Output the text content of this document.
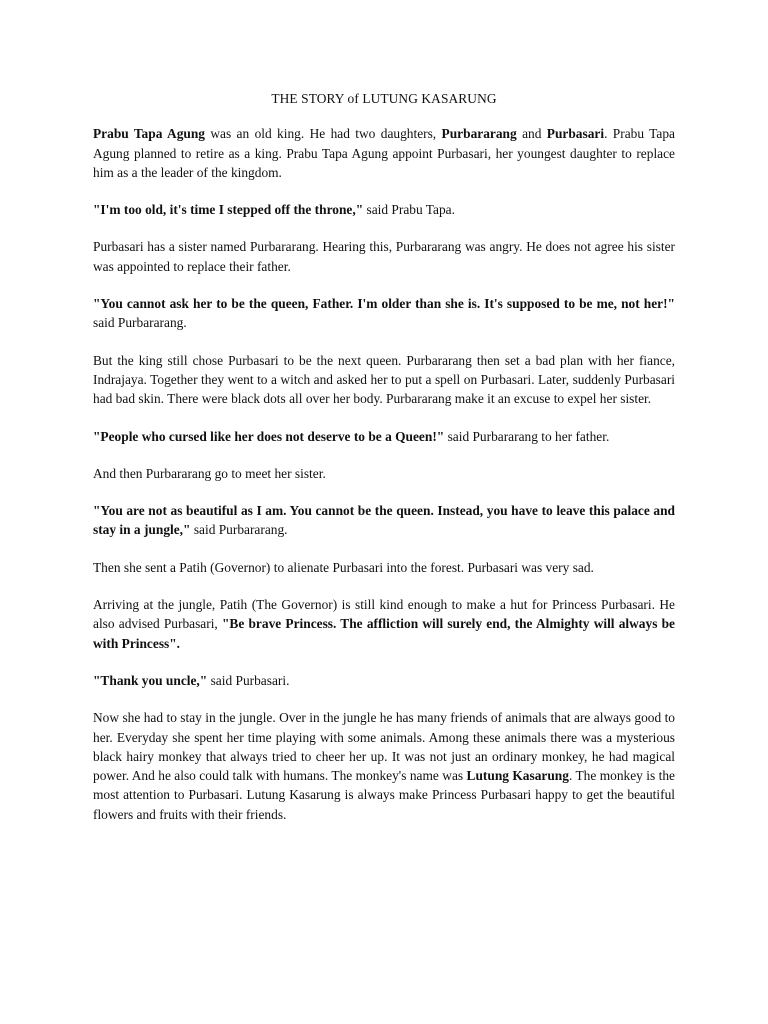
THE STORY of LUTUNG KASARUNG

Prabu Tapa Agung was an old king. He had two daughters, Purbararang and Purbasari. Prabu Tapa Agung planned to retire as a king. Prabu Tapa Agung appoint Purbasari, her youngest daughter to replace him as a the leader of the kingdom.

"I'm too old, it's time I stepped off the throne," said Prabu Tapa.

Purbasari has a sister named Purbararang. Hearing this, Purbararang was angry. He does not agree his sister was appointed to replace their father.

"You cannot ask her to be the queen, Father. I'm older than she is. It's supposed to be me, not her!" said Purbararang.

But the king still chose Purbasari to be the next queen. Purbararang then set a bad plan with her fiance, Indrajaya. Together they went to a witch and asked her to put a spell on Purbasari. Later, suddenly Purbasari had bad skin. There were black dots all over her body. Purbararang make it an excuse to expel her sister.

"People who cursed like her does not deserve to be a Queen!" said Purbararang to her father.

And then Purbararang go to meet her sister.

"You are not as beautiful as I am. You cannot be the queen. Instead, you have to leave this palace and stay in a jungle," said Purbararang.

Then she sent a Patih (Governor) to alienate Purbasari into the forest. Purbasari was very sad.

Arriving at the jungle, Patih (The Governor) is still kind enough to make a hut for Princess Purbasari. He also advised Purbasari, "Be brave Princess. The affliction will surely end, the Almighty will always be with Princess".

"Thank you uncle," said Purbasari.

Now she had to stay in the jungle. Over in the jungle he has many friends of animals that are always good to her. Everyday she spent her time playing with some animals. Among these animals there was a mysterious black hairy monkey that always tried to cheer her up. It was not just an ordinary monkey, he had magical power. And he also could talk with humans. The monkey's name was Lutung Kasarung. The monkey is the most attention to Purbasari. Lutung Kasarung is always make Princess Purbasari happy to get the beautiful flowers and fruits with their friends.
